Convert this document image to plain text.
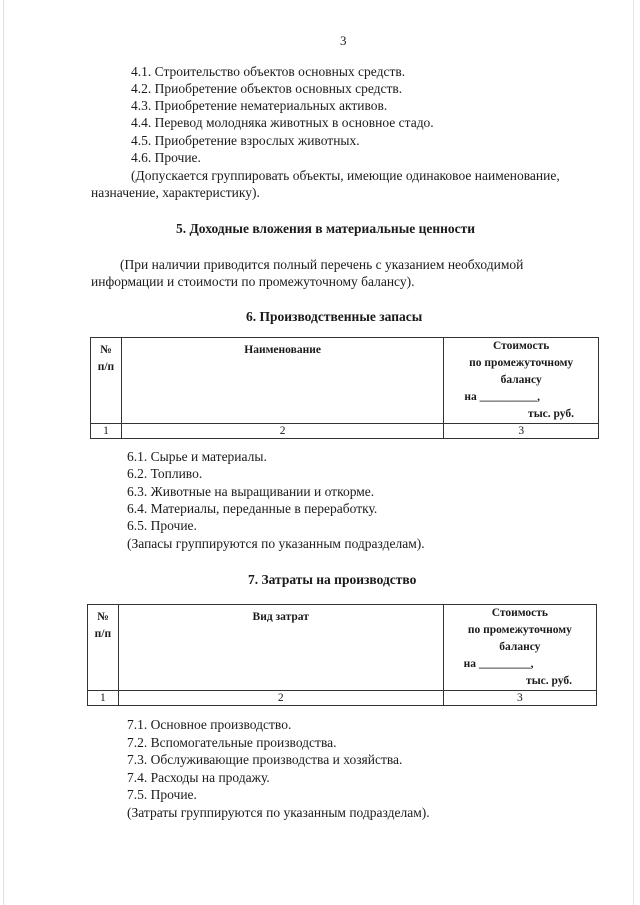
3
4.1. Строительство объектов основных средств.
4.2. Приобретение объектов основных средств.
4.3. Приобретение нематериальных активов.
4.4. Перевод молодняка животных в основное стадо.
4.5. Приобретение взрослых животных.
4.6. Прочие.
(Допускается группировать объекты, имеющие одинаковое наименование,
назначение, характеристику).
5. Доходные вложения в материальные ценности
(При наличии приводится полный перечень с указанием необходимой
информации и стоимости по промежуточному балансу).
6. Производственные запасы
№
п/п	Наименование	Стоимость
по промежуточному
балансу
на __________,
тыс. руб.

1	2	3
6.1. Сырье и материалы.
6.2. Топливо.
6.3. Животные на выращивании и откорме.
6.4. Материалы, переданные в переработку.
6.5. Прочие.
(Запасы группируются по указанным подразделам).
7. Затраты на производство
№
п/п	Вид затрат	Стоимость
по промежуточному
балансу
на _________,
тыс. руб.

1	2	3
7.1. Основное производство.
7.2. Вспомогательные производства.
7.3. Обслуживающие производства и хозяйства.
7.4. Расходы на продажу.
7.5. Прочие.
(Затраты группируются по указанным подразделам).
